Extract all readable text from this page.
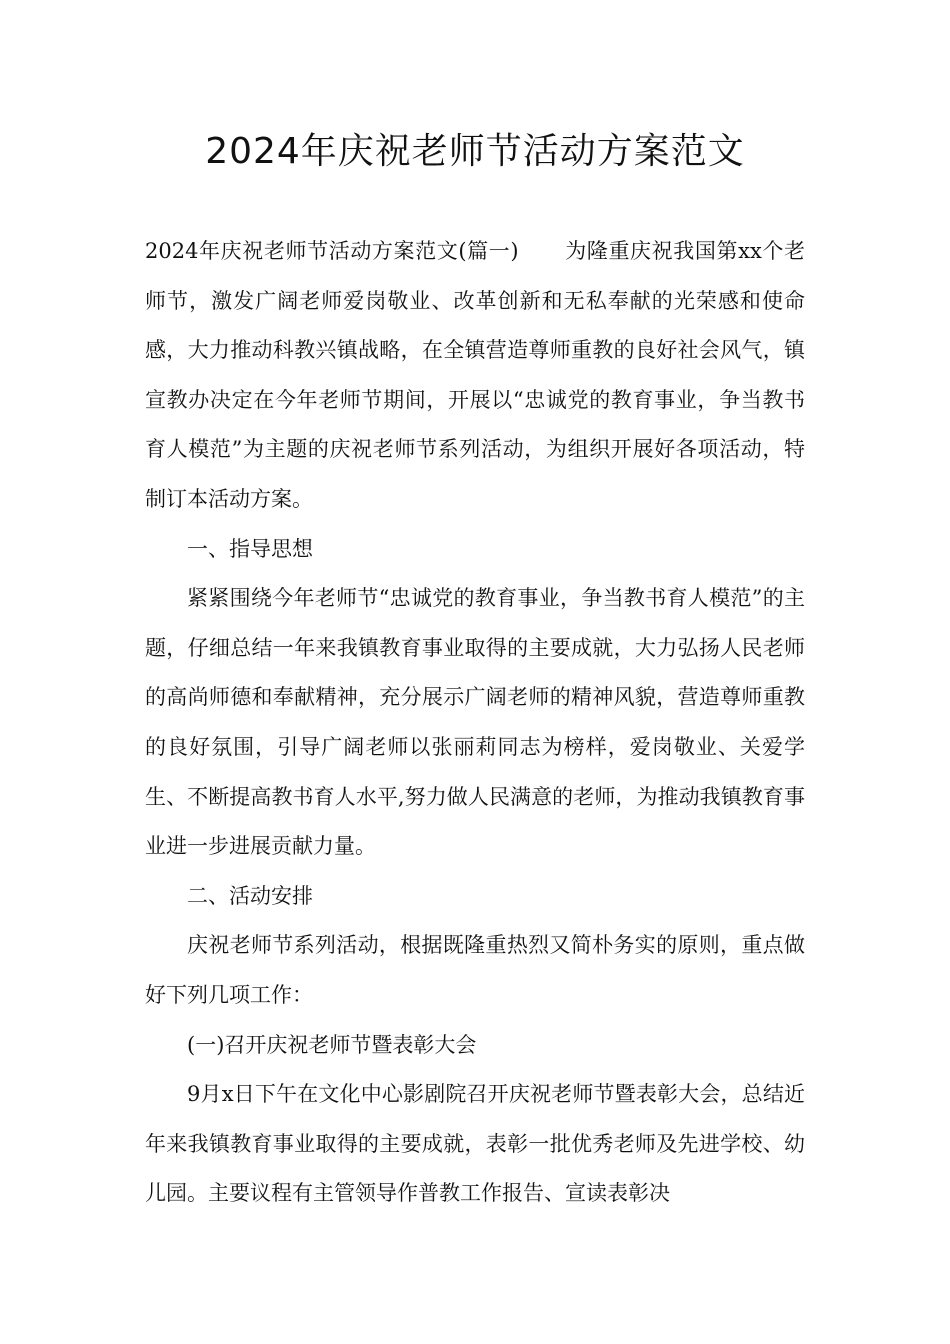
2024年庆祝老师节活动方案范文

2024年庆祝老师节活动方案范文(篇一) 为隆重庆祝我国第xx个老师节，激发广阔老师爱岗敬业、改革创新和无私奉献的光荣感和使命感，大力推动科教兴镇战略，在全镇营造尊师重教的良好社会风气，镇宣教办决定在今年老师节期间，开展以“忠诚党的教育事业，争当教书育人模范”为主题的庆祝老师节系列活动，为组织开展好各项活动，特制订本活动方案。

一、指导思想

紧紧围绕今年老师节“忠诚党的教育事业，争当教书育人模范”的主题，仔细总结一年来我镇教育事业取得的主要成就，大力弘扬人民老师的高尚师德和奉献精神，充分展示广阔老师的精神风貌，营造尊师重教的良好氛围，引导广阔老师以张丽莉同志为榜样，爱岗敬业、关爱学生、不断提高教书育人水平,努力做人民满意的老师，为推动我镇教育事业进一步进展贡献力量。

二、活动安排

庆祝老师节系列活动，根据既隆重热烈又简朴务实的原则，重点做好下列几项工作：

(一)召开庆祝老师节暨表彰大会

9月x日下午在文化中心影剧院召开庆祝老师节暨表彰大会，总结近年来我镇教育事业取得的主要成就，表彰一批优秀老师及先进学校、幼儿园。主要议程有主管领导作普教工作报告、宣读表彰决
